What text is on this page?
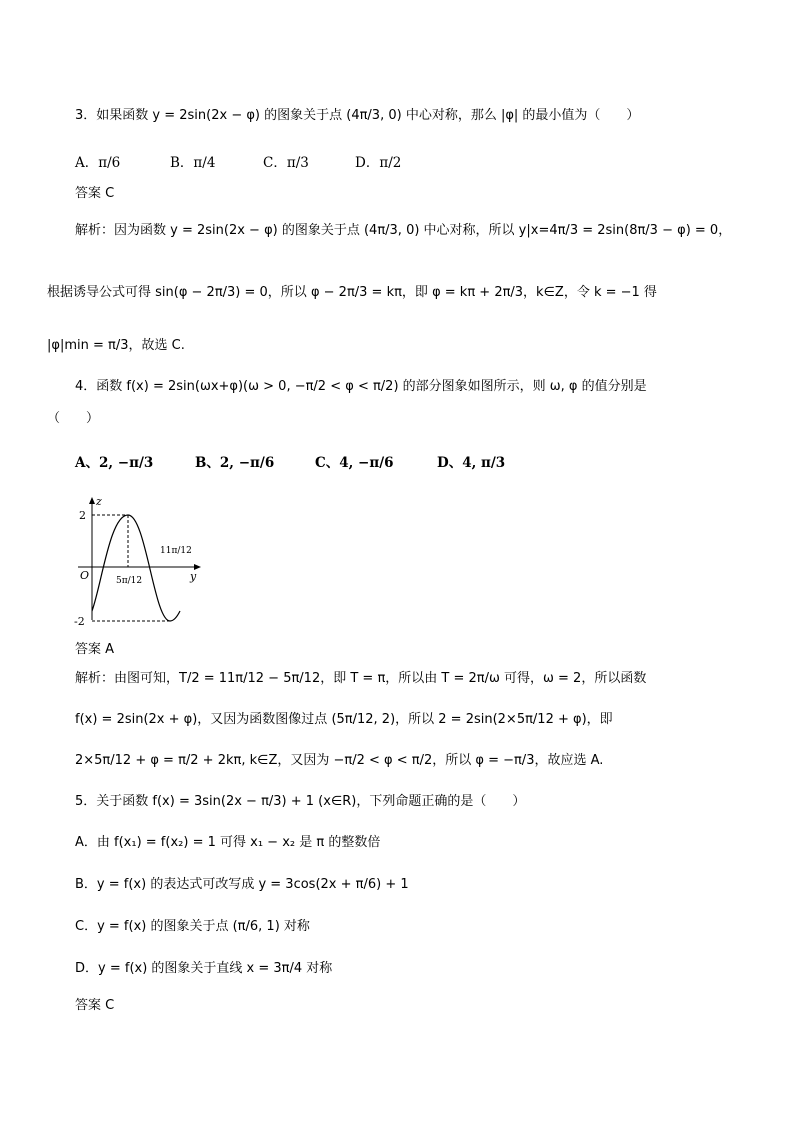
3．如果函数 y = 2sin(2x − φ) 的图象关于点 (4π/3, 0) 中心对称，那么 |φ| 的最小值为（　　）
A．π/6	B．π/4	C．π/3	D．π/2
答案 C
解析：因为函数 y = 2sin(2x − φ) 的图象关于点 (4π/3, 0) 中心对称，所以 y|x=4π/3 = 2sin(8π/3 − φ) = 0，
根据诱导公式可得 sin(φ − 2π/3) = 0，所以 φ − 2π/3 = kπ，即 φ = kπ + 2π/3，k∈Z，令 k = −1 得
|φ|min = π/3，故选 C.
4．函数 f(x) = 2sin(ωx+φ)(ω > 0, −π/2 < φ < π/2) 的部分图象如图所示，则 ω, φ 的值分别是
（　　）
A、2, −π/3	B、2, −π/6	C、4, −π/6	D、4, π/3
z
y
O
2
-2
5π/12
11π/12
答案 A
解析：由图可知，T/2 = 11π/12 − 5π/12，即 T = π，所以由 T = 2π/ω 可得，ω = 2，所以函数
f(x) = 2sin(2x + φ)，又因为函数图像过点 (5π/12, 2)，所以 2 = 2sin(2×5π/12 + φ)，即
2×5π/12 + φ = π/2 + 2kπ, k∈Z，又因为 −π/2 < φ < π/2，所以 φ = −π/3，故应选 A.
5．关于函数 f(x) = 3sin(2x − π/3) + 1 (x∈R)，下列命题正确的是（　　）
A．由 f(x₁) = f(x₂) = 1 可得 x₁ − x₂ 是 π 的整数倍
B．y = f(x) 的表达式可改写成 y = 3cos(2x + π/6) + 1
C．y = f(x) 的图象关于点 (π/6, 1) 对称
D．y = f(x) 的图象关于直线 x = 3π/4 对称
答案 C
